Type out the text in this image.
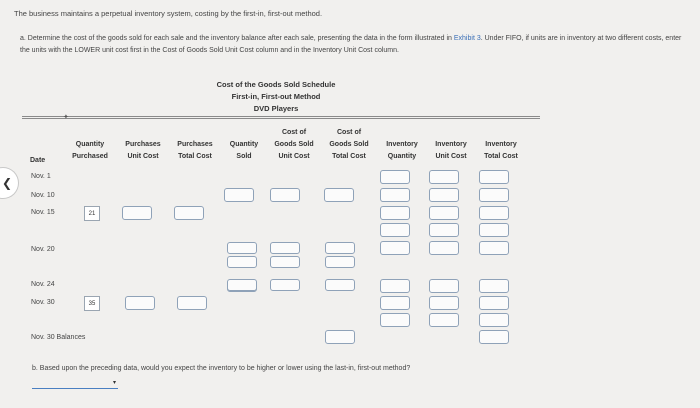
The business maintains a perpetual inventory system, costing by the first-in, first-out method.
a. Determine the cost of the goods sold for each sale and the inventory balance after each sale, presenting the data in the form illustrated in Exhibit 3. Under FIFO, if units are in inventory at two different costs, enter the units with the LOWER unit cost first in the Cost of Goods Sold Unit Cost column and in the Inventory Unit Cost column.
❮
Cost of the Goods Sold Schedule
First-in, First-out Method
DVD Players
✦
Date
Quantity
Purchased
Purchases
Unit Cost
Purchases
Total Cost
Quantity
Sold
Cost of
Goods Sold
Unit Cost
Cost of
Goods Sold
Total Cost
Inventory
Quantity
Inventory
Unit Cost
Inventory
Total Cost
Nov. 1
Nov. 10
Nov. 15
Nov. 20
Nov. 24
Nov. 30
Nov. 30 Balances
21
35
b. Based upon the preceding data, would you expect the inventory to be higher or lower using the last-in, first-out method?
▾
